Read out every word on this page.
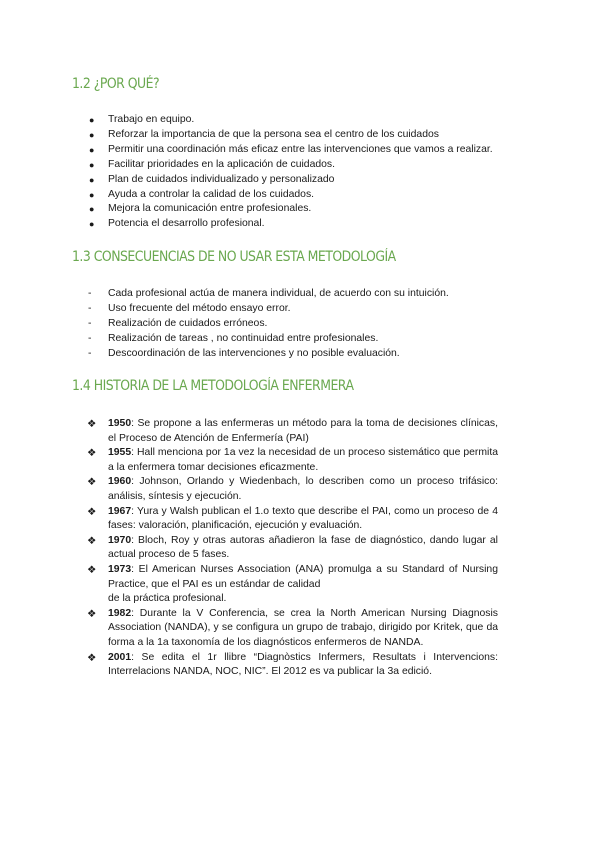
1.2 ¿POR QUÉ?
● Trabajo en equipo.
● Reforzar la importancia de que la persona sea el centro de los cuidados
● Permitir una coordinación más eficaz entre las intervenciones que vamos a realizar.
● Facilitar prioridades en la aplicación de cuidados.
● Plan de cuidados individualizado y personalizado
● Ayuda a controlar la calidad de los cuidados.
● Mejora la comunicación entre profesionales.
● Potencia el desarrollo profesional.
1.3 CONSECUENCIAS DE NO USAR ESTA METODOLOGÍA
- Cada profesional actúa de manera individual, de acuerdo con su intuición.
- Uso frecuente del método ensayo error.
- Realización de cuidados erróneos.
- Realización de tareas , no continuidad entre profesionales.
- Descoordinación de las intervenciones y no posible evaluación.
1.4 HISTORIA DE LA METODOLOGÍA ENFERMERA
❖ 1950: Se propone a las enfermeras un método para la toma de decisiones clínicas, el Proceso de Atención de Enfermería (PAI)
❖ 1955: Hall menciona por 1a vez la necesidad de un proceso sistemático que permita a la enfermera tomar decisiones eficazmente.
❖ 1960: Johnson, Orlando y Wiedenbach, lo describen como un proceso trifásico: análisis, síntesis y ejecución.
❖ 1967: Yura y Walsh publican el 1.o texto que describe el PAI, como un proceso de 4 fases: valoración, planificación, ejecución y evaluación.
❖ 1970: Bloch, Roy y otras autoras añadieron la fase de diagnóstico, dando lugar al actual proceso de 5 fases.
❖ 1973: El American Nurses Association (ANA) promulga a su Standard of Nursing Practice, que el PAI es un estándar de calidad
de la práctica profesional.
❖ 1982: Durante la V Conferencia, se crea la North American Nursing Diagnosis Association (NANDA), y se configura un grupo de trabajo, dirigido por Kritek, que da forma a la 1a taxonomía de los diagnósticos enfermeros de NANDA.
❖ 2001: Se edita el 1r llibre “Diagnòstics Infermers, Resultats i Intervencions: Interrelacions NANDA, NOC, NIC”. El 2012 es va publicar la 3a edició.
